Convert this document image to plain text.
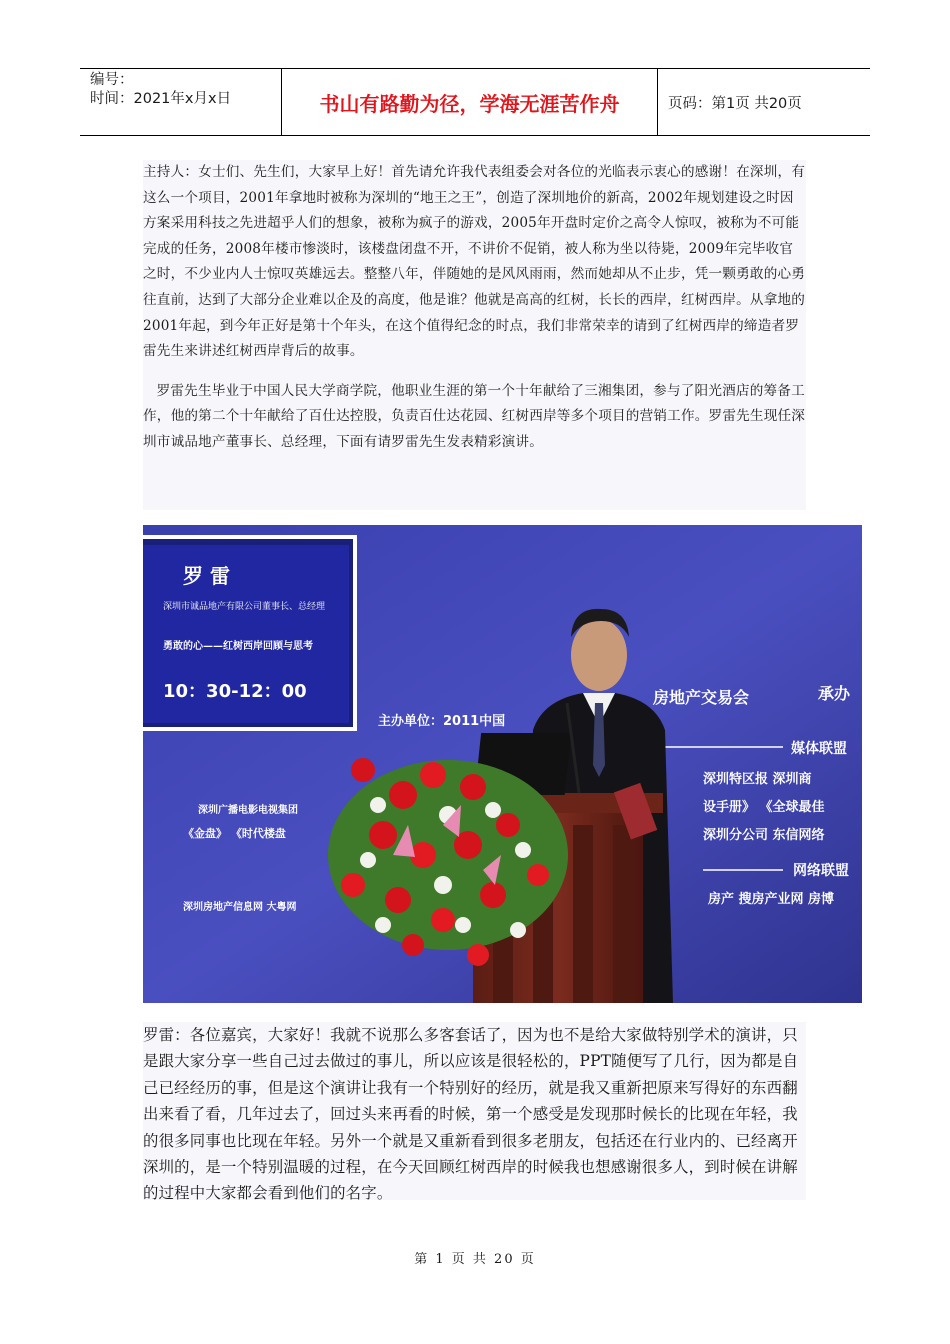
编号：
时间：2021年x月x日	书山有路勤为径，学海无涯苦作舟	页码：第1页 共20页

主持人：女士们、先生们，大家早上好！首先请允许我代表组委会对各位的光临表示衷心的感谢！在深圳，有这么一个项目，2001年拿地时被称为深圳的“地王之王”，创造了深圳地价的新高，2002年规划建设之时因方案采用科技之先进超乎人们的想象，被称为疯子的游戏，2005年开盘时定价之高令人惊叹，被称为不可能完成的任务，2008年楼市惨淡时，该楼盘闭盘不开，不讲价不促销，被人称为坐以待毙，2009年完毕收官之时，不少业内人士惊叹英雄远去。整整八年，伴随她的是风风雨雨，然而她却从不止步，凭一颗勇敢的心勇往直前，达到了大部分企业难以企及的高度，他是谁？他就是高高的红树，长长的西岸，红树西岸。从拿地的2001年起，到今年正好是第十个年头，在这个值得纪念的时点，我们非常荣幸的请到了红树西岸的缔造者罗雷先生来讲述红树西岸背后的故事。

罗雷先生毕业于中国人民大学商学院，他职业生涯的第一个十年献给了三湘集团，参与了阳光酒店的筹备工作，他的第二个十年献给了百仕达控股，负责百仕达花园、红树西岸等多个项目的营销工作。罗雷先生现任深圳市诚品地产董事长、总经理，下面有请罗雷先生发表精彩演讲。

罗 雷
深圳市诚品地产有限公司董事长、总经理
勇敢的心——红树西岸回顾与思考
10：30-12：00
主办单位：2011中国
房地产交易会	承办
媒体联盟
深圳特区报 深圳商
设手册》 《全球最佳
深圳分公司 东信网络
深圳广播电影电视集团
《金盘》 《时代楼盘
网络联盟
房产 搜房产业网 房博
深圳房地产信息网 大粤网

罗雷：各位嘉宾，大家好！我就不说那么多客套话了，因为也不是给大家做特别学术的演讲，只是跟大家分享一些自己过去做过的事儿，所以应该是很轻松的，PPT随便写了几行，因为都是自己已经经历的事，但是这个演讲让我有一个特别好的经历，就是我又重新把原来写得好的东西翻出来看了看，几年过去了，回过头来再看的时候，第一个感受是发现那时候长的比现在年轻，我的很多同事也比现在年轻。另外一个就是又重新看到很多老朋友，包括还在行业内的、已经离开深圳的，是一个特别温暖的过程，在今天回顾红树西岸的时候我也想感谢很多人，到时候在讲解的过程中大家都会看到他们的名字。

第 1 页 共 20 页
